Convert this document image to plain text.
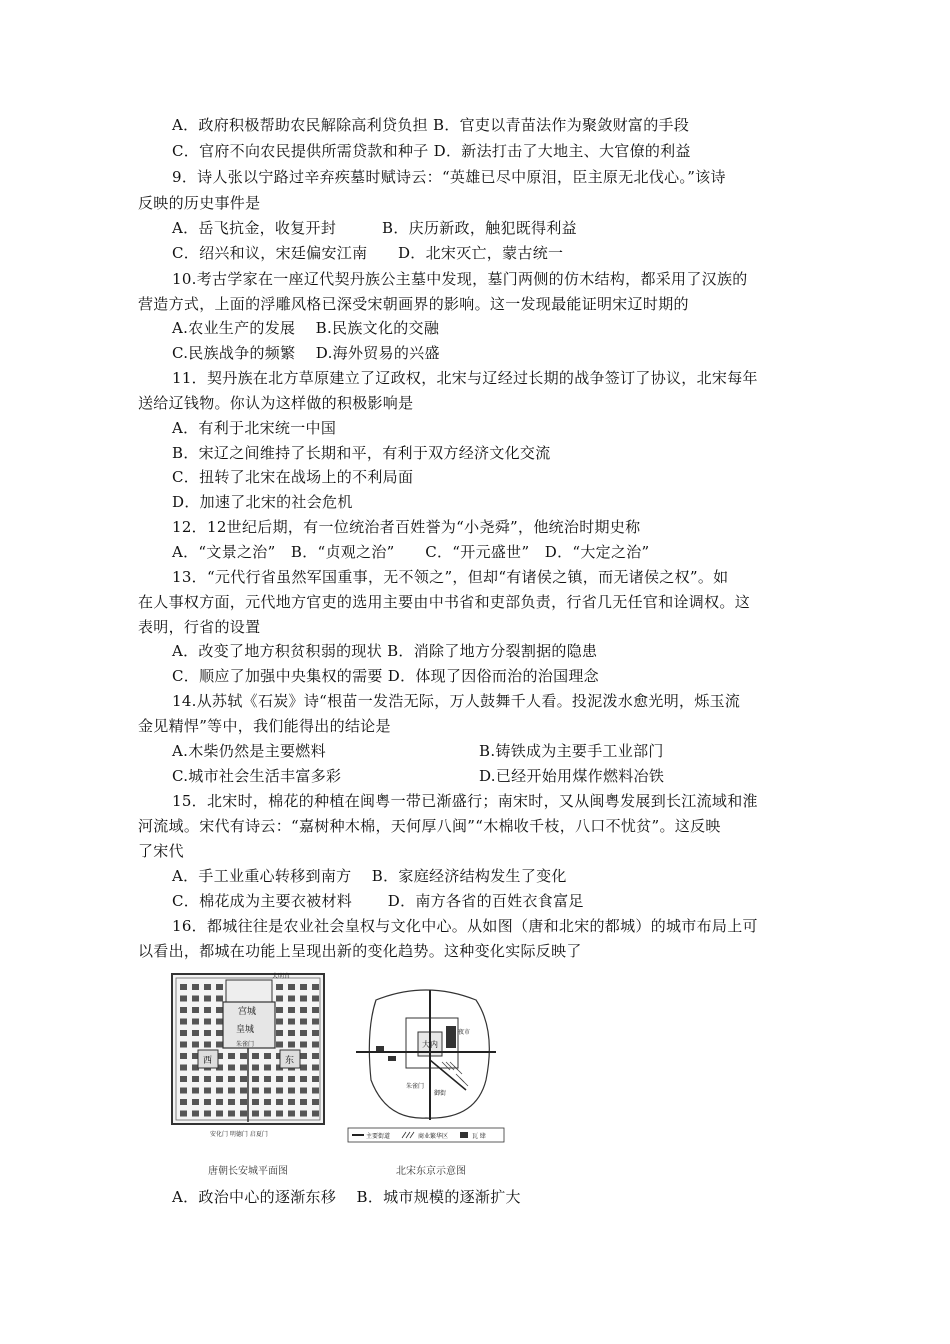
A．政府积极帮助农民解除高利贷负担 B．官吏以青苗法作为聚敛财富的手段
C．官府不向农民提供所需贷款和种子 D．新法打击了大地主、大官僚的利益
9．诗人张以宁路过辛弃疾墓时赋诗云：“英雄已尽中原泪，臣主原无北伐心。”该诗
反映的历史事件是
A．岳飞抗金，收复开封　　　B．庆历新政，触犯既得利益
C．绍兴和议，宋廷偏安江南　　D．北宋灭亡，蒙古统一
10.考古学家在一座辽代契丹族公主墓中发现，墓门两侧的仿木结构，都采用了汉族的
营造方式，上面的浮雕风格已深受宋朝画界的影响。这一发现最能证明宋辽时期的
A.农业生产的发展　 B.民族文化的交融
C.民族战争的频繁　 D.海外贸易的兴盛
11．契丹族在北方草原建立了辽政权，北宋与辽经过长期的战争签订了协议，北宋每年
送给辽钱物。你认为这样做的积极影响是
A．有利于北宋统一中国
B．宋辽之间维持了长期和平，有利于双方经济文化交流
C．扭转了北宋在战场上的不利局面
D．加速了北宋的社会危机
12．12世纪后期，有一位统治者百姓誉为“小尧舜”，他统治时期史称
A．“文景之治”　B．“贞观之治”　　C．“开元盛世”　D．“大定之治”
13．“元代行省虽然军国重事，无不领之”，但却“有诸侯之镇，而无诸侯之权”。如
在人事权方面，元代地方官吏的选用主要由中书省和吏部负责，行省几无任官和诠调权。这
表明，行省的设置
A．改变了地方积贫积弱的现状 B．消除了地方分裂割据的隐患
C．顺应了加强中央集权的需要 D．体现了因俗而治的治国理念
14.从苏轼《石炭》诗“根苗一发浩无际，万人鼓舞千人看。投泥泼水愈光明，烁玉流
金见精悍”等中，我们能得出的结论是
A.木柴仍然是主要燃料	B.铸铁成为主要手工业部门
C.城市社会生活丰富多彩	D.已经开始用煤作燃料冶铁
15．北宋时，棉花的种植在闽粤一带已渐盛行；南宋时，又从闽粤发展到长江流域和淮
河流域。宋代有诗云：“嘉树种木棉，天何厚八闽”“木棉收千枝，八口不忧贫”。这反映
了宋代
A．手工业重心转移到南方　 B．家庭经济结构发生了变化
C．棉花成为主要衣被材料　　 D．南方各省的百姓衣食富足
16．都城往往是农业社会皇权与文化中心。从如图（唐和北宋的都城）的城市布局上可
以看出，都城在功能上呈现出新的变化趋势。这种变化实际反映了
A．政治中心的逐渐东移　 B．城市规模的逐渐扩大
大明宫
宫城
皇城
朱雀门
西	东
安化门 明德门 启夏门
唐朝长安城平面图
大内
夜市
朱雀门
御街
主要街道	商业繁华区	瓦 肆
北宋东京示意图
